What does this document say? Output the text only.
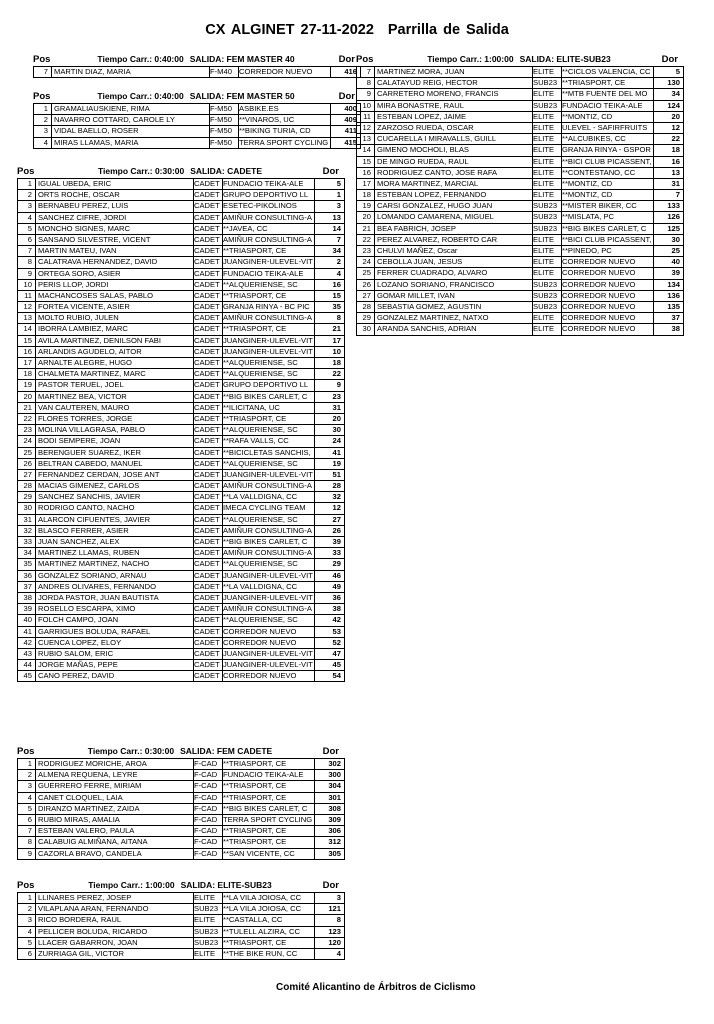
CX ALGINET 27-11-2022 Parrilla de Salida
Pos	Tiempo Carr.: 0:40:00 SALIDA: FEM MASTER 40	Dor
7 MARTIN DIAZ, MARIA	F-M40 CORREDOR NUEVO	416
Pos	Tiempo Carr.: 0:40:00 SALIDA: FEM MASTER 50	Dor
1 GRAMALIAUSKIENE, RIMA	F-M50 ASBIKE.ES	400
2 NAVARRO COTTARD, CAROLE LY	F-M50 **VINAROS, UC	409
3 VIDAL BAELLO, ROSER	F-M50 **BIKING TURIA, CD	411
4 MIRAS LLAMAS, MARIA	F-M50 TERRA SPORT CYCLING	415
Pos	Tiempo Carr.: 0:30:00 SALIDA: CADETE	Dor
1 IGUAL UBEDA, ERIC	CADET FUNDACIO TEIKA-ALE	5
2 ORTS ROCHE, OSCAR	CADET GRUPO DEPORTIVO LL	1
3 BERNABEU PEREZ, LUIS	CADET ESETEC-PIKOLINOS	3
4 SANCHEZ CIFRE, JORDI	CADET AMIÑUR CONSULTING-A	13
5 MONCHO SIGNES, MARC	CADET **JAVEA, CC	14
6 SANSANO SILVESTRE, VICENT	CADET AMIÑUR CONSULTING-A	7
7 MARTIN MATEU, IVAN	CADET **TRIASPORT, CE	34
8 CALATRAVA HERNANDEZ, DAVID	CADET JUANGINER-ULEVEL-VIT	2
9 ORTEGA SORO, ASIER	CADET FUNDACIO TEIKA-ALE	4
10 PERIS LLOP, JORDI	CADET **ALQUERIENSE, SC	16
11 MACHANCOSES SALAS, PABLO	CADET **TRIASPORT, CE	15
12 FORTEA VICENTE, ASIER	CADET GRANJA RINYA - BC PIC	35
13 MOLTO RUBIO, JULEN	CADET AMIÑUR CONSULTING-A	8
14 IBORRA LAMBIEZ, MARC	CADET **TRIASPORT, CE	21
15 AVILA MARTINEZ, DENILSON FABI	CADET JUANGINER-ULEVEL-VIT	17
16 ARLANDIS AGUDELO, AITOR	CADET JUANGINER-ULEVEL-VIT	10
17 ARNALTE ALEGRE, HUGO	CADET **ALQUERIENSE, SC	18
18 CHALMETA MARTINEZ, MARC	CADET **ALQUERIENSE, SC	22
19 PASTOR TERUEL, JOEL	CADET GRUPO DEPORTIVO LL	9
20 MARTINEZ BEA, VICTOR	CADET **BIG BIKES CARLET, C	23
21 VAN CAUTEREN, MAURO	CADET **ILICITANA, UC	31
22 FLORES TORRES, JORGE	CADET **TRIASPORT, CE	20
23 MOLINA VILLAGRASA, PABLO	CADET **ALQUERIENSE, SC	30
24 BODI SEMPERE, JOAN	CADET **RAFA VALLS, CC	24
25 BERENGUER SUAREZ, IKER	CADET **BICICLETAS SANCHIS,	41
26 BELTRAN CABEDO, MANUEL	CADET **ALQUERIENSE, SC	19
27 FERNANDEZ CERDAN, JOSE ANT	CADET JUANGINER-ULEVEL-VIT	51
28 MACIAS GIMENEZ, CARLOS	CADET AMIÑUR CONSULTING-A	28
29 SANCHEZ SANCHIS, JAVIER	CADET **LA VALLDIGNA, CC	32
30 RODRIGO CANTO, NACHO	CADET IMECA CYCLING TEAM	12
31 ALARCON CIFUENTES, JAVIER	CADET **ALQUERIENSE, SC	27
32 BLASCO FERRER, ASIER	CADET AMIÑUR CONSULTING-A	26
33 JUAN SANCHEZ, ALEX	CADET **BIG BIKES CARLET, C	39
34 MARTINEZ LLAMAS, RUBEN	CADET AMIÑUR CONSULTING-A	33
35 MARTINEZ MARTINEZ, NACHO	CADET **ALQUERIENSE, SC	29
36 GONZALEZ SORIANO, ARNAU	CADET JUANGINER-ULEVEL-VIT	46
37 ANDRES OLIVARES, FERNANDO	CADET **LA VALLDIGNA, CC	49
38 JORDA PASTOR, JUAN BAUTISTA	CADET JUANGINER-ULEVEL-VIT	36
39 ROSELLO ESCARPA, XIMO	CADET AMIÑUR CONSULTING-A	38
40 FOLCH CAMPO, JOAN	CADET **ALQUERIENSE, SC	42
41 GARRIGUES BOLUDA, RAFAEL	CADET CORREDOR NUEVO	53
42 CUENCA LOPEZ, ELOY	CADET CORREDOR NUEVO	52
43 RUBIO SALOM, ERIC	CADET JUANGINER-ULEVEL-VIT	47
44 JORGE MAÑAS, PEPE	CADET JUANGINER-ULEVEL-VIT	45
45 CANO PEREZ, DAVID	CADET CORREDOR NUEVO	54
Pos	Tiempo Carr.: 0:30:00 SALIDA: FEM CADETE	Dor
1 RODRIGUEZ MORICHE, AROA	F-CAD **TRIASPORT, CE	302
2 ALMENA REQUENA, LEYRE	F-CAD FUNDACIO TEIKA-ALE	300
3 GUERRERO FERRE, MIRIAM	F-CAD **TRIASPORT, CE	304
4 CANET CLOQUEL, LAIA	F-CAD **TRIASPORT, CE	301
5 DIRANZO MARTINEZ, ZAIDA	F-CAD **BIG BIKES CARLET, C	308
6 RUBIO MIRAS, AMALIA	F-CAD TERRA SPORT CYCLING	309
7 ESTEBAN VALERO, PAULA	F-CAD **TRIASPORT, CE	306
8 CALABUIG ALMIÑANA, AITANA	F-CAD **TRIASPORT, CE	312
9 CAZORLA BRAVO, CANDELA	F-CAD **SAN VICENTE, CC	305
Pos	Tiempo Carr.: 1:00:00 SALIDA: ELITE-SUB23	Dor
1 LLINARES PEREZ, JOSEP	ELITE	**LA VILA JOIOSA, CC	3
2 VILAPLANA ARAN, FERNANDO	SUB23 **LA VILA JOIOSA, CC	121
3 RICO BORDERA, RAUL	ELITE	**CASTALLA, CC	8
4 PELLICER BOLUDA, RICARDO	SUB23 **TULELL ALZIRA, CC	123
5 LLACER GABARRON, JOAN	SUB23 **TRIASPORT, CE	120
6 ZURRIAGA GIL, VICTOR	ELITE	**THE BIKE RUN, CC	4
Pos	Tiempo Carr.: 1:00:00 SALIDA: ELITE-SUB23	Dor
7 MARTINEZ MORA, JUAN	ELITE	**CICLOS VALENCIA, CC	5
8 CALATAYUD REIG, HECTOR	SUB23 **TRIASPORT, CE	130
9 CARRETERO MORENO, FRANCIS	ELITE	**MTB FUENTE DEL MO	34
10 MIRA BONASTRE, RAUL	SUB23 FUNDACIO TEIKA-ALE	124
11 ESTEBAN LOPEZ, JAIME	ELITE	**MONTIZ, CD	20
12 ZARZOSO RUEDA, OSCAR	ELITE	ULEVEL - SAFIRFRUITS	12
13 CUCARELLA I MIRAVALLS, GUILL	ELITE	**ALCUBIKES, CC	22
14 GIMENO MOCHOLI, BLAS	ELITE	GRANJA RINYA - GSPOR	18
15 DE MINGO RUEDA, RAUL	ELITE	**BICI CLUB PICASSENT,	16
16 RODRIGUEZ CANTO, JOSE RAFA	ELITE	**CONTESTANO, CC	13
17 MORA MARTINEZ, MARCIAL	ELITE	**MONTIZ, CD	31
18 ESTEBAN LOPEZ, FERNANDO	ELITE	**MONTIZ, CD	7
19 CARSI GONZALEZ, HUGO JUAN	SUB23 **MISTER BIKER, CC	133
20 LOMANDO CAMARENA, MIGUEL	SUB23 **MISLATA, PC	126
21 BEA FABRICH, JOSEP	SUB23 **BIG BIKES CARLET, C	125
22 PEREZ ALVAREZ, ROBERTO CAR	ELITE	**BICI CLUB PICASSENT,	30
23 CHULVI MAÑEZ, Oscar	ELITE	**PINEDO, PC	25
24 CEBOLLA JUAN, JESUS	ELITE	CORREDOR NUEVO	40
25 FERRER CUADRADO, ALVARO	ELITE	CORREDOR NUEVO	39
26 LOZANO SORIANO, FRANCISCO	SUB23 CORREDOR NUEVO	134
27 GOMAR MILLET, IVAN	SUB23 CORREDOR NUEVO	136
28 SEBASTIA GOMEZ, AGUSTIN	SUB23 CORREDOR NUEVO	135
29 GONZALEZ MARTINEZ, NATXO	ELITE	CORREDOR NUEVO	37
30 ARANDA SANCHIS, ADRIAN	ELITE	CORREDOR NUEVO	38
Comité Alicantino de Árbitros de Ciclismo
